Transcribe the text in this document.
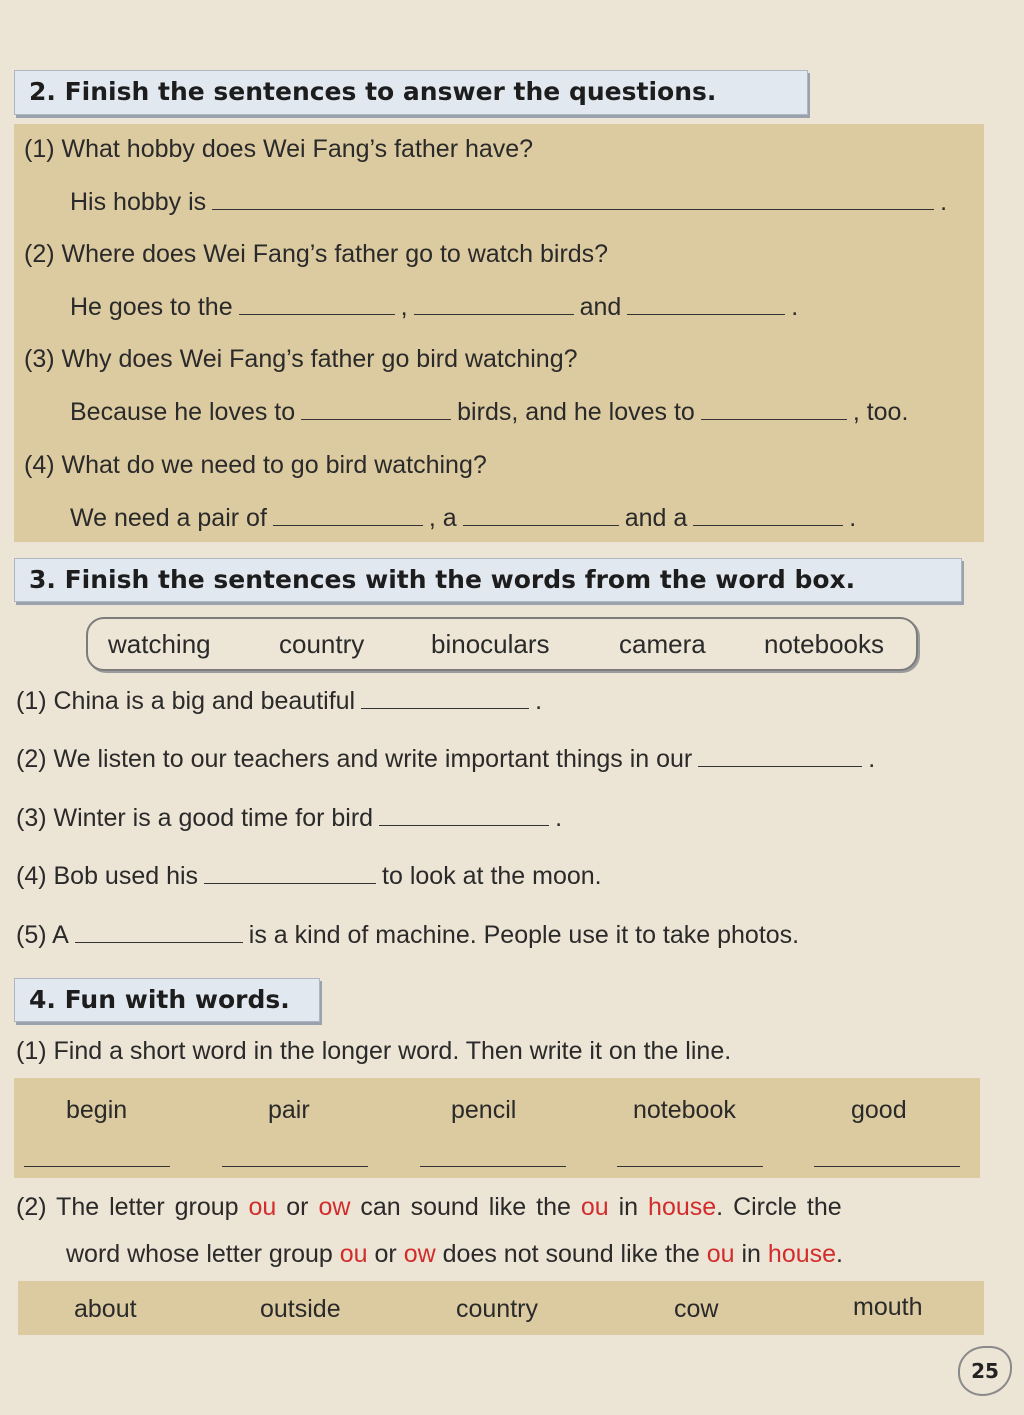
2. Finish the sentences to answer the questions.
(1) What hobby does Wei Fang’s father have?
His hobby is	.
(2) Where does Wei Fang’s father go to watch birds?
He goes to the	,	and	.
(3) Why does Wei Fang’s father go bird watching?
Because he loves to	birds, and he loves to	, too.
(4) What do we need to go bird watching?
We need a pair of	, a	and a	.
3. Finish the sentences with the words from the word box.
watching	country	binoculars	camera notebooks
(1) China is a big and beautiful	.
(2) We listen to our teachers and write important things in our	.
(3) Winter is a good time for bird	.
(4) Bob used his	to look at the moon.
(5) A	is a kind of machine. People use it to take photos.
4. Fun with words.
(1) Find a short word in the longer word. Then write it on the line.
begin	pair	pencil	notebook	good
(2) The letter group ou or ow can sound like the ou in house. Circle the
word whose letter group ou or ow does not sound like the ou in house.
about	outside	country	cow	mouth
25
